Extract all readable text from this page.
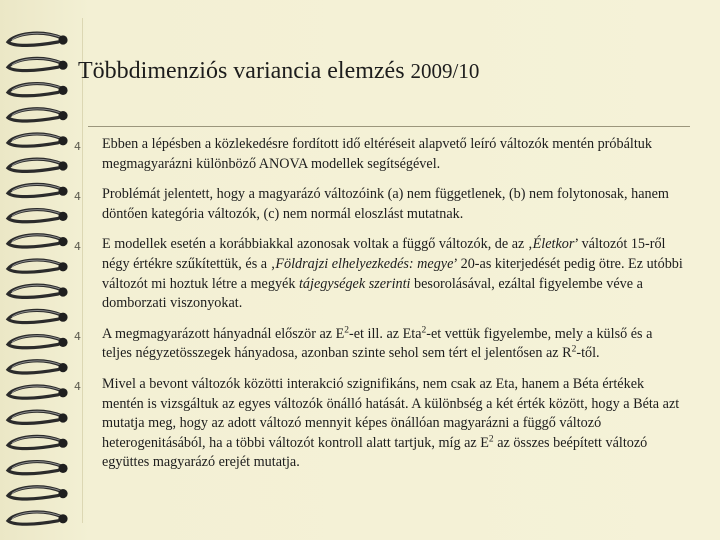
Többdimenziós variancia elemzés 2009/10
4	Ebben a lépésben a közlekedésre fordított idő eltéréseit alapvető leíró változók mentén próbáltuk megmagyarázni különböző ANOVA modellek segítségével.
4	Problémát jelentett, hogy a magyarázó változóink (a) nem függetlenek, (b) nem folytonosak, hanem döntően kategória változók, (c) nem normál eloszlást mutatnak.
4	E modellek esetén a korábbiakkal azonosak voltak a függő változók, de az ‚Életkor’ változót 15-ről négy értékre szűkítettük, és a ‚Földrajzi elhelyezkedés: megye’ 20-as kiterjedését pedig ötre. Ez utóbbi változót mi hoztuk létre a megyék tájegységek szerinti besorolásával, ezáltal figyelembe véve a domborzati viszonyokat.
4	A megmagyarázott hányadnál először az $E^2-et$ ill. az Eta$^2$-et vettük figyelembe, mely a külső és a teljes négyzetösszegek hányadosa, azonban szinte sehol sem tért el jelentősen az $R^2$-től.
4	Mivel a bevont változók közötti interakció szignifikáns, nem csak az Eta, hanem a Béta értékek mentén is vizsgáltuk az egyes változók önálló hatását. A különbség a két érték között, hogy a Béta azt mutatja meg, hogy az adott változó mennyit képes önállóan magyarázni a függő változó heterogenitásából, ha a többi változót kontroll alatt tartjuk, míg az $E^2$ az összes beépített változó együttes magyarázó erejét mutatja.
